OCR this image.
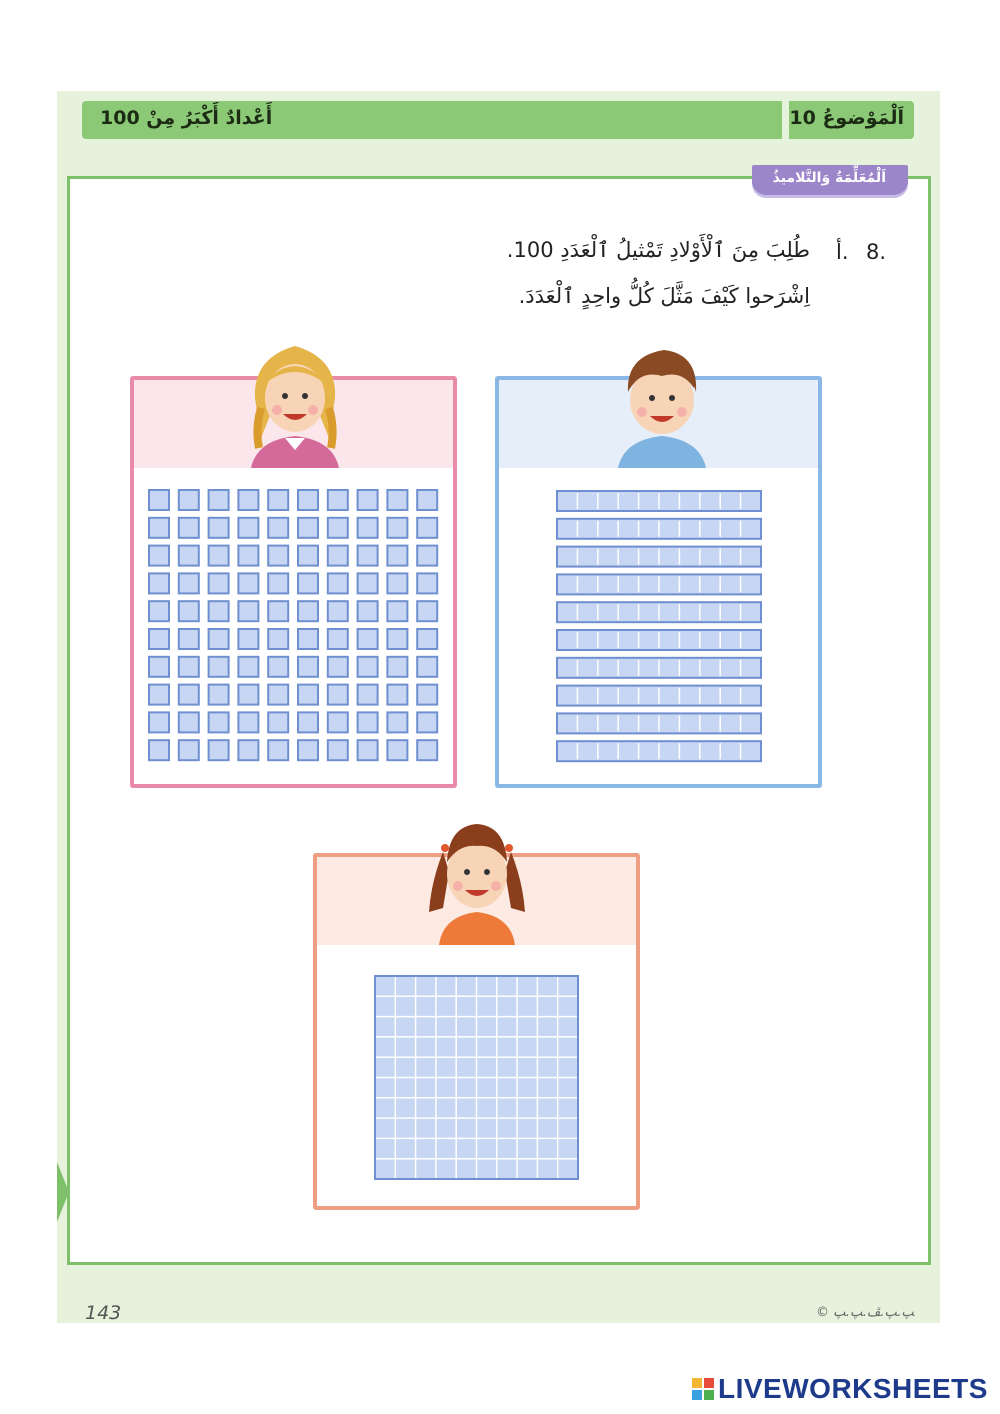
أَعْدادٌ أَكْبَرُ مِنْ 100	اَلْمَوْضوعُ 10
اَلْمُعَلِّمَةُ وَالتَّلاميذُ
8.
أ.
طُلِبَ مِنَ ٱلْأَوْلادِ تَمْثيلُ ٱلْعَدَدِ 100.
اِشْرَحوا كَيْفَ مَثَّلَ كُلُّ واحِدٍ ٱلْعَدَدَ.
143	© ﭗ.ﭗ.ﭯ.ﭗ.ﭗ
LIVEWORKSHEETS
